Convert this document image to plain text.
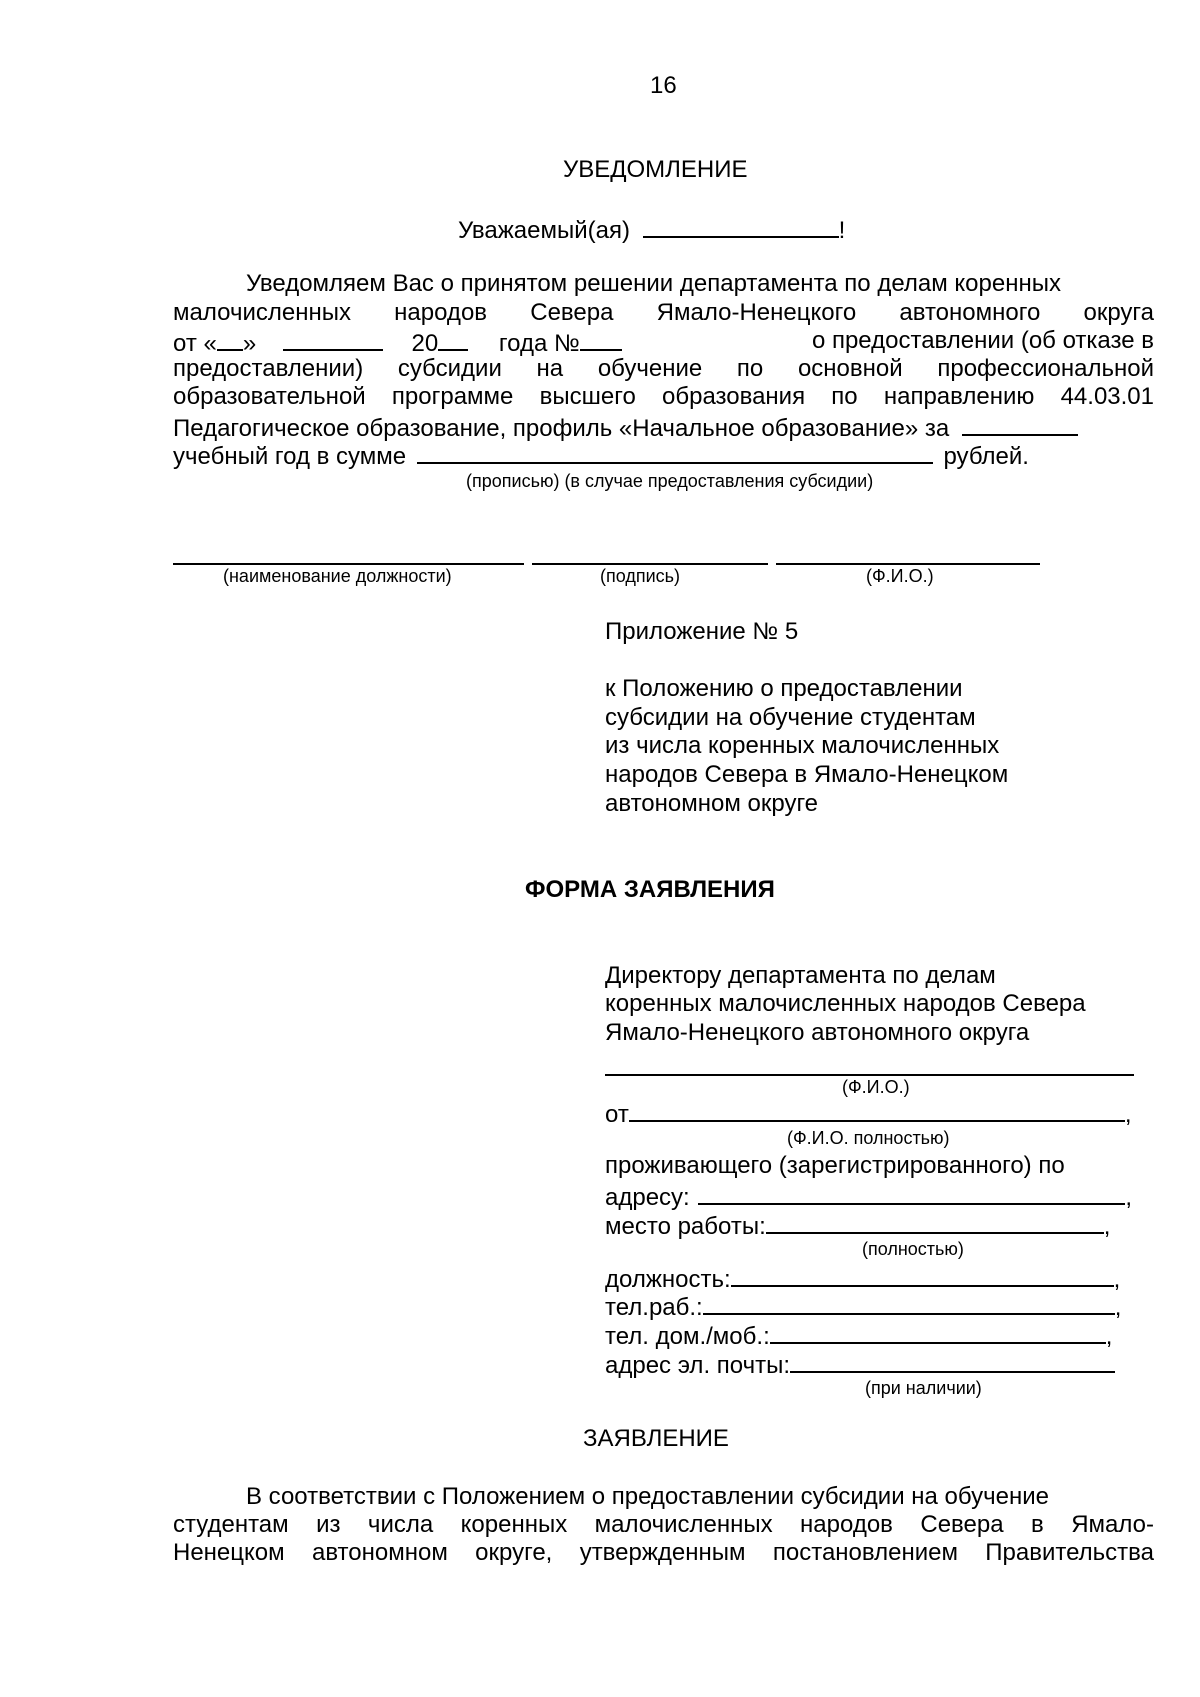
16
УВЕДОМЛЕНИЕ
Уважаемый(ая)	!
Уведомляем Вас о принятом решении департамента по делам коренных
малочисленных народов Севера Ямало-Ненецкого автономного округа
от « »	20	года №	о предоставлении (об отказе в
предоставлении) субсидии на обучение по основной профессиональной
образовательной программе высшего образования по направлению 44.03.01
Педагогическое образование, профиль «Начальное образование» за
учебный год в сумме	рублей.
(прописью) (в случае предоставления субсидии)
(наименование должности)	(подпись)	(Ф.И.О.)
Приложение № 5
к Положению о предоставлении
субсидии на обучение студентам
из числа коренных малочисленных
народов Севера в Ямало-Ненецком
автономном округе
ФОРМА ЗАЯВЛЕНИЯ
Директору департамента по делам
коренных малочисленных народов Севера
Ямало-Ненецкого автономного округа
(Ф.И.О.)
от	,
(Ф.И.О. полностью)
проживающего (зарегистрированного) по
адресу:	,
место работы:	,
(полностью)
должность:	,
тел.раб.:	,
тел. дом./моб.:	,
адрес эл. почты:
(при наличии)
ЗАЯВЛЕНИЕ
В соответствии с Положением о предоставлении субсидии на обучение
студентам из числа коренных малочисленных народов Севера в Ямало-
Ненецком автономном округе, утвержденным постановлением Правительства
